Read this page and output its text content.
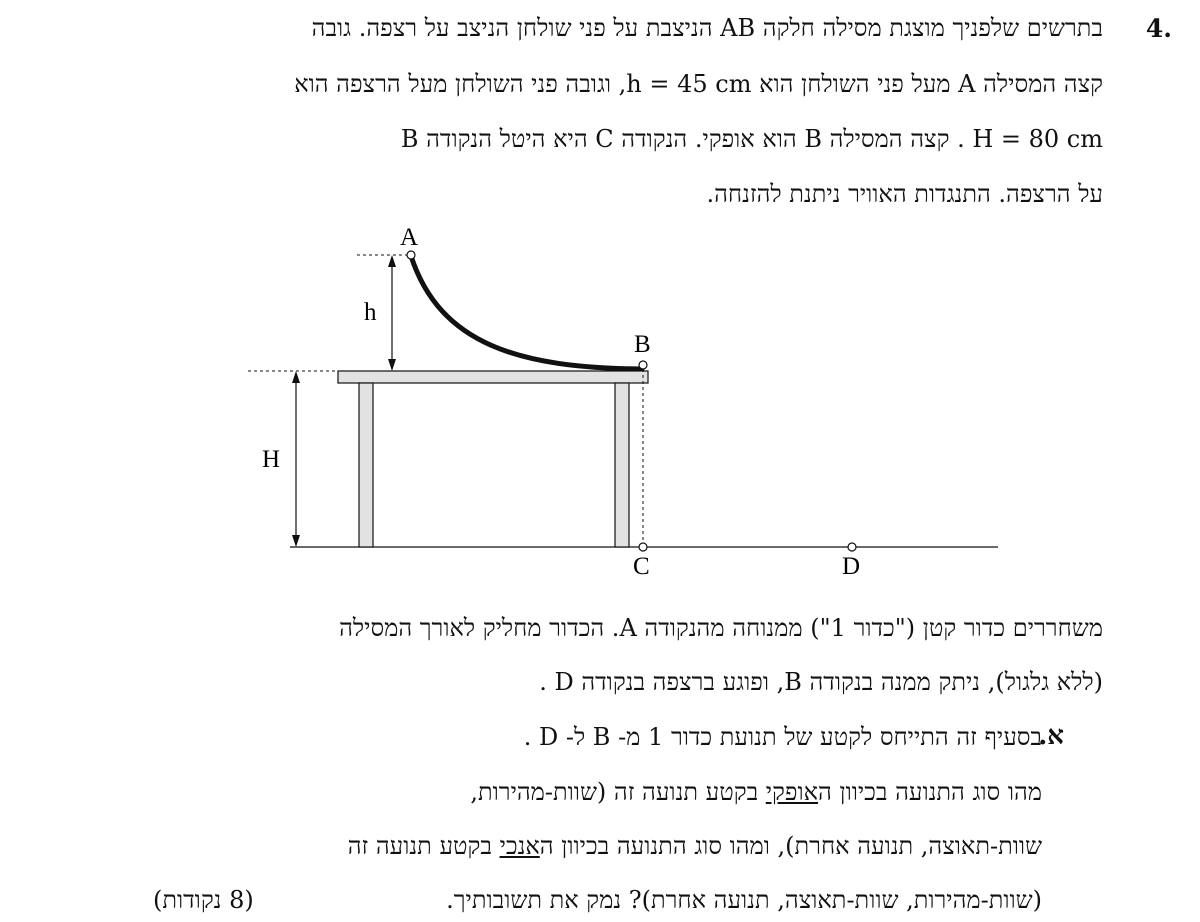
4.
בתרשים שלפניך מוצגת מסילה חלקה AB הניצבת על פני שולחן הניצב על רצפה. גובה
קצה המסילה A מעל פני השולחן הוא h = 45 cm, וגובה פני השולחן מעל הרצפה הוא
H = 80 cm . קצה המסילה B הוא אופקי. הנקודה C היא היטל הנקודה B
על הרצפה. התנגדות האוויר ניתנת להזנחה.
A
B
C	D
h
H
משחררים כדור קטן ("כדור 1") ממנוחה מהנקודה A. הכדור מחליק לאורך המסילה
(ללא גלגול), ניתק ממנה בנקודה B, ופוגע ברצפה בנקודה D .
א.
בסעיף זה התייחס לקטע של תנועת כדור 1 מ- B ל- D .
מהו סוג התנועה בכיוון האופקי בקטע תנועה זה (שוות-מהירות,
שוות-תאוצה, תנועה אחרת), ומהו סוג התנועה בכיוון האנכי בקטע תנועה זה
(שוות-מהירות, שוות-תאוצה, תנועה אחרת)? נמק את תשובותיך.
(8 נקודות)
